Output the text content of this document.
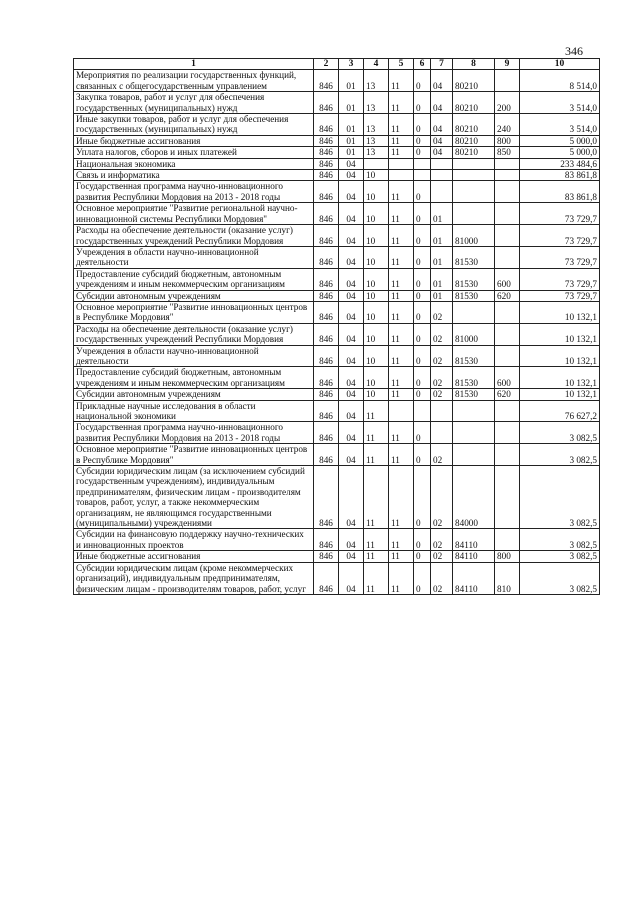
346
1	2	3	4	5	6	7	8	9	10
Мероприятия по реализации государственных функций, связанных с общегосударственным управлением	846	01	13	11	0	04	80210		8 514,0
Закупка товаров, работ и услуг для обеспечения государственных (муниципальных) нужд	846	01	13	11	0	04	80210	200	3 514,0
Иные закупки товаров, работ и услуг для обеспечения государственных (муниципальных) нужд	846	01	13	11	0	04	80210	240	3 514,0
Иные бюджетные ассигнования	846	01	13	11	0	04	80210	800	5 000,0
Уплата налогов, сборов и иных платежей	846	01	13	11	0	04	80210	850	5 000,0
Национальная экономика	846	04							233 484,6
Связь и информатика	846	04	10						83 861,8
Государственная программа научно-инновационного развития Республики Мордовия на 2013 - 2018 годы	846	04	10	11	0				83 861,8
Основное мероприятие "Развитие региональной научно-инновационной системы Республики Мордовия"	846	04	10	11	0	01			73 729,7
Расходы на обеспечение деятельности (оказание услуг) государственных учреждений Республики Мордовия	846	04	10	11	0	01	81000		73 729,7
Учреждения в области научно-инновационной деятельности	846	04	10	11	0	01	81530		73 729,7
Предоставление субсидий бюджетным, автономным учреждениям и иным некоммерческим организациям	846	04	10	11	0	01	81530	600	73 729,7
Субсидии автономным учреждениям	846	04	10	11	0	01	81530	620	73 729,7
Основное мероприятие "Развитие инновационных центров в Республике Мордовия"	846	04	10	11	0	02			10 132,1
Расходы на обеспечение деятельности (оказание услуг) государственных учреждений Республики Мордовия	846	04	10	11	0	02	81000		10 132,1
Учреждения в области научно-инновационной деятельности	846	04	10	11	0	02	81530		10 132,1
Предоставление субсидий бюджетным, автономным учреждениям и иным некоммерческим организациям	846	04	10	11	0	02	81530	600	10 132,1
Субсидии автономным учреждениям	846	04	10	11	0	02	81530	620	10 132,1
Прикладные научные исследования в области национальной экономики	846	04	11						76 627,2
Государственная программа научно-инновационного развития Республики Мордовия на 2013 - 2018 годы	846	04	11	11	0				3 082,5
Основное мероприятие "Развитие инновационных центров в Республике Мордовия"	846	04	11	11	0	02			3 082,5
Субсидии юридическим лицам (за исключением субсидий государственным учреждениям), индивидуальным предпринимателям, физическим лицам - производителям товаров, работ, услуг, а также некоммерческим организациям, не являющимся государственными (муниципальными) учреждениями	846	04	11	11	0	02	84000		3 082,5
Субсидии на финансовую поддержку научно-технических и инновационных проектов	846	04	11	11	0	02	84110		3 082,5
Иные бюджетные ассигнования	846	04	11	11	0	02	84110	800	3 082,5
Субсидии юридическим лицам (кроме некоммерческих организаций), индивидуальным предпринимателям, физическим лицам - производителям товаров, работ, услуг	846	04	11	11	0	02	84110	810	3 082,5
